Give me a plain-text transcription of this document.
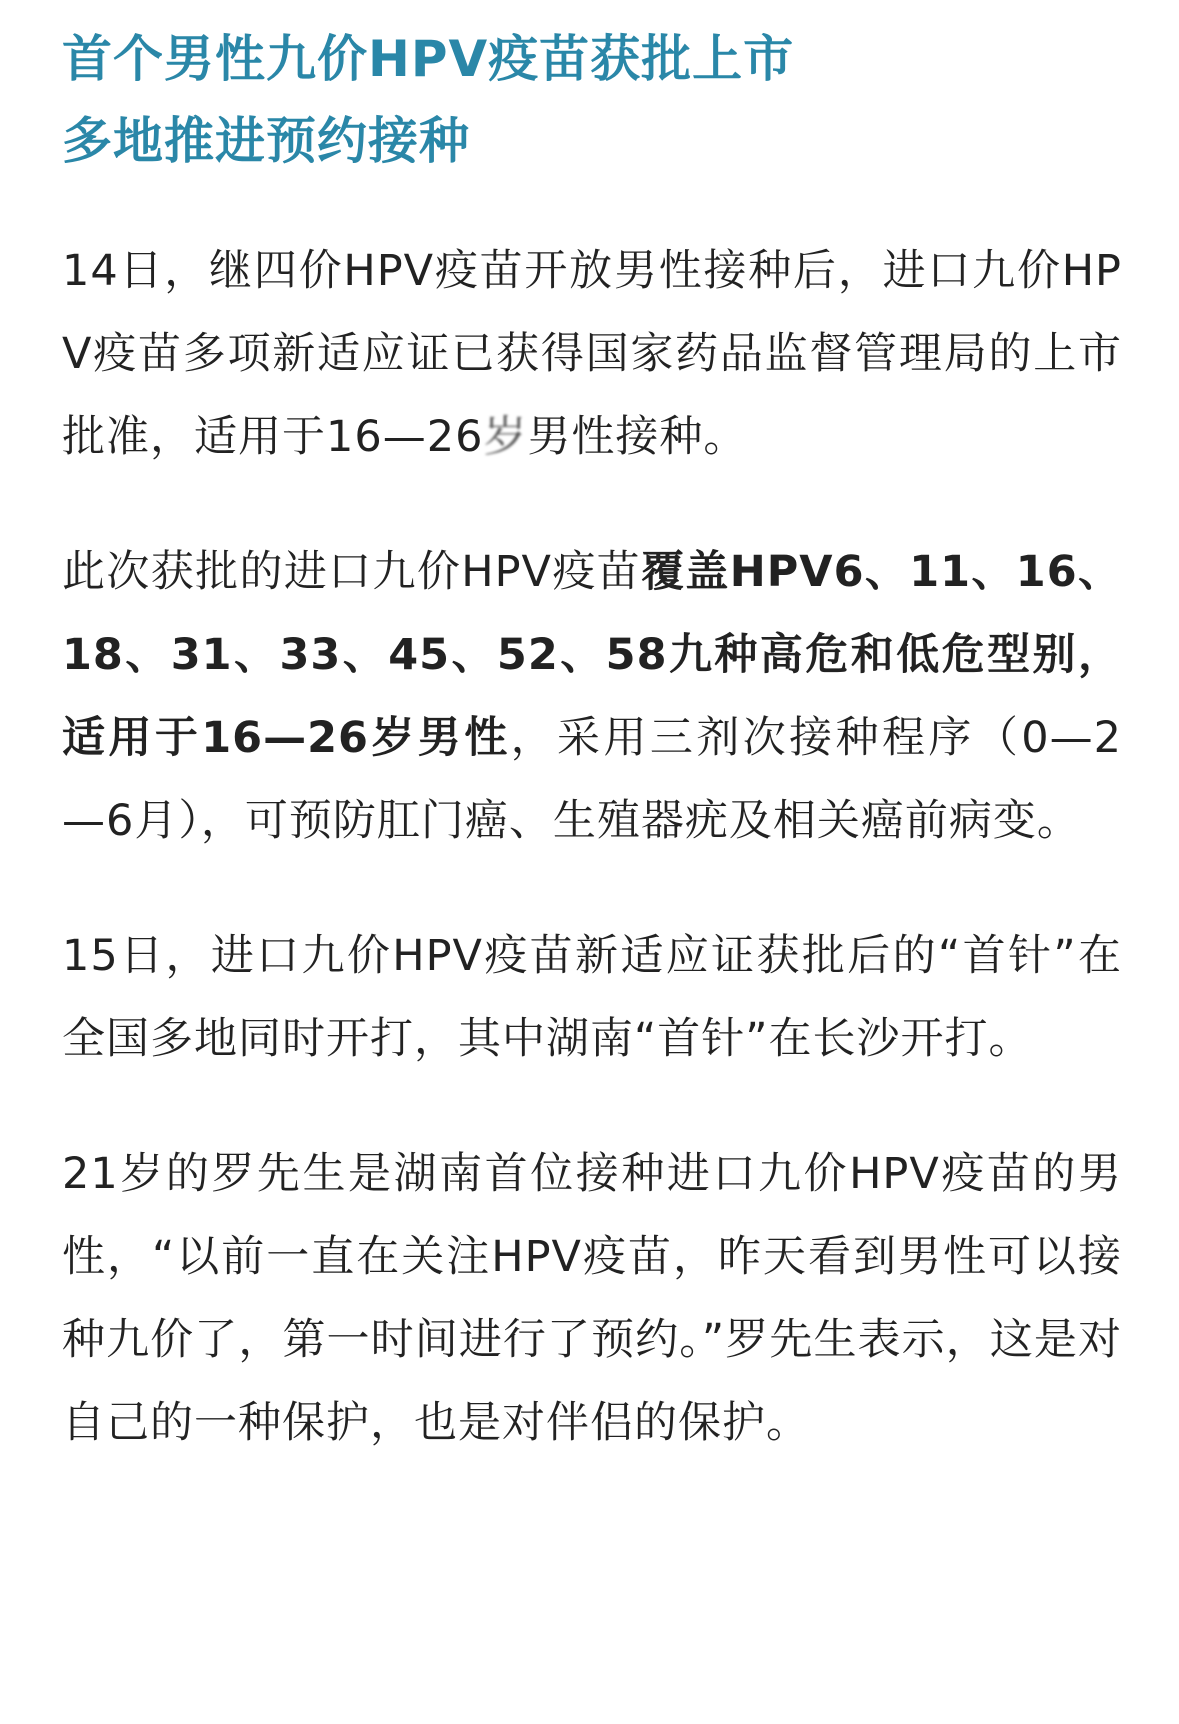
首个男性九价HPV疫苗获批上市
多地推进预约接种

14日，继四价HPV疫苗开放男性接种后，进口九价HPV疫苗多项新适应证已获得国家药品监督管理局的上市批准，适用于16—26岁男性接种。

此次获批的进口九价HPV疫苗覆盖HPV6、11、16、18、31、33、45、52、58九种高危和低危型别，适用于16—26岁男性，采用三剂次接种程序（0—2—6月），可预防肛门癌、生殖器疣及相关癌前病变。

15日，进口九价HPV疫苗新适应证获批后的“首针”在全国多地同时开打，其中湖南“首针”在长沙开打。

21岁的罗先生是湖南首位接种进口九价HPV疫苗的男性，“以前一直在关注HPV疫苗，昨天看到男性可以接种九价了，第一时间进行了预约。”罗先生表示，这是对自己的一种保护，也是对伴侣的保护。
